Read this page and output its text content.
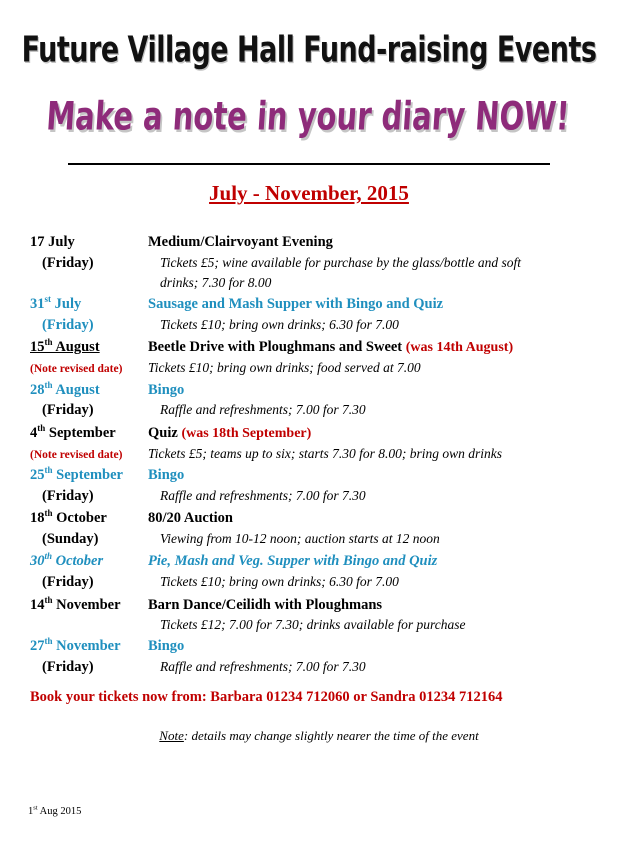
Future Village Hall Fund-raising Events
Make a note in your diary NOW!
July - November, 2015
17 July	Medium/Clairvoyant Evening
(Friday)	Tickets £5; wine available for purchase by the glass/bottle and soft
drinks; 7.30 for 8.00
31st July	Sausage and Mash Supper with Bingo and Quiz
(Friday)	Tickets £10; bring own drinks; 6.30 for 7.00
15th August	Beetle Drive with Ploughmans and Sweet (was 14th August)
(Note revised date)	Tickets £10; bring own drinks; food served at 7.00
28th August	Bingo
(Friday)	Raffle and refreshments; 7.00 for 7.30
4th September	Quiz (was 18th September)
(Note revised date)	Tickets £5; teams up to six; starts 7.30 for 8.00; bring own drinks
25th September	Bingo
(Friday)	Raffle and refreshments; 7.00 for 7.30
18th October	80/20 Auction
(Sunday)	Viewing from 10-12 noon; auction starts at 12 noon
30th October	Pie, Mash and Veg. Supper with Bingo and Quiz
(Friday)	Tickets £10; bring own drinks; 6.30 for 7.00
14th November	Barn Dance/Ceilidh with Ploughmans
Tickets £12; 7.00 for 7.30; drinks available for purchase
27th November	Bingo
(Friday)	Raffle and refreshments; 7.00 for 7.30
Book your tickets now from: Barbara 01234 712060 or Sandra 01234 712164
Note: details may change slightly nearer the time of the event
1st Aug 2015
